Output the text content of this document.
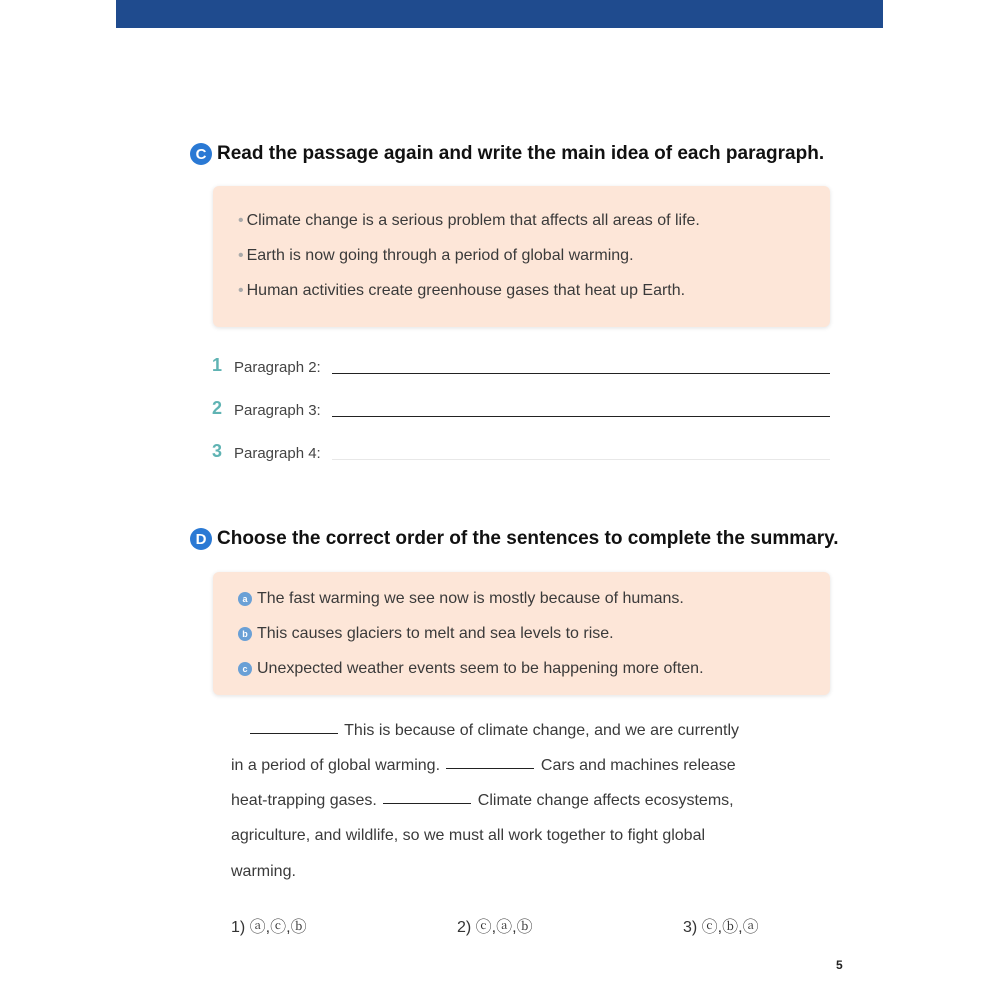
C Read the passage again and write the main idea of each paragraph.
• Climate change is a serious problem that affects all areas of life.
• Earth is now going through a period of global warming.
• Human activities create greenhouse gases that heat up Earth.
1 Paragraph 2:
2 Paragraph 3:
3 Paragraph 4:
D Choose the correct order of the sentences to complete the summary.
a The fast warming we see now is mostly because of humans.
b This causes glaciers to melt and sea levels to rise.
c Unexpected weather events seem to be happening more often.
This is because of climate change, and we are currently
in a period of global warming.	Cars and machines release
heat-trapping gases.	Climate change affects ecosystems,
agriculture, and wildlife, so we must all work together to fight global
warming.
1) ⓐ,ⓒ,ⓑ	2) ⓒ,ⓐ,ⓑ	3) ⓒ,ⓑ,ⓐ
5
